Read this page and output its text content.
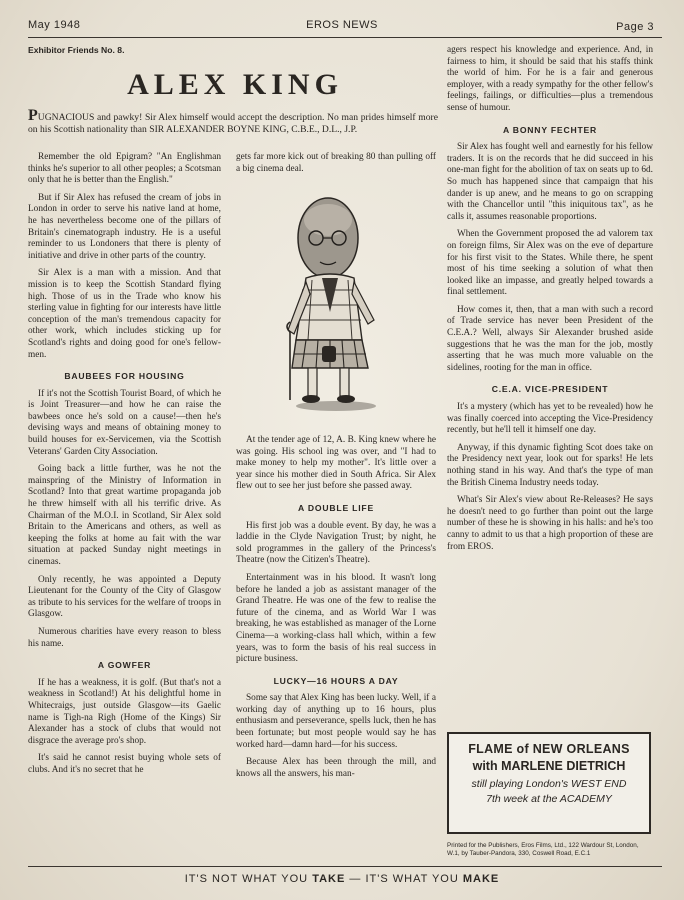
May 1948	EROS NEWS	Page 3
Exhibitor Friends No. 8.
ALEX KING
PUGNACIOUS and pawky! Sir Alex himself would accept the description. No man prides himself more on his Scottish nationality than SIR ALEXANDER BOYNE KING, C.B.E., D.L., J.P.

Remember the old Epigram? "An Englishman thinks he's superior to all other peoples; a Scotsman only that he is better than the English."

But if Sir Alex has refused the cream of jobs in London in order to serve his native land at home, he has nevertheless become one of the pillars of Britain's cinematograph industry. He is a useful reminder to us Londoners that there is plenty of initiative and drive in other parts of the country.

Sir Alex is a man with a mission. And that mission is to keep the Scottish Standard flying high. Those of us in the Trade who know his sterling value in fighting for our interests have little conception of the man's tremendous capacity for other work, which includes sticking up for Scotland's rights and doing good for one's fellow-men.

BAUBEES FOR HOUSING

If it's not the Scottish Tourist Board, of which he is Joint Treasurer—and how he can raise the bawbees once he's sold on a cause!—then he's devising ways and means of obtaining money to build houses for ex-Servicemen, via the Scottish Veterans' Garden City Association.

Going back a little further, was he not the mainspring of the Ministry of Information in Scotland? Into that great wartime propaganda job he threw himself with all his terrific drive. As Chairman of the M.O.I. in Scotland, Sir Alex sold Britain to the Americans and others, as well as keeping the folks at home au fait with the war situation at packed Sunday night meetings in cinemas.

Only recently, he was appointed a Deputy Lieutenant for the County of the City of Glasgow as tribute to his services for the welfare of troops in Glasgow.

Numerous charities have every reason to bless his name.

A GOWFER

If he has a weakness, it is golf. (But that's not a weakness in Scotland!) At his delightful home in Whitecraigs, just outside Glasgow—its Gaelic name is Tigh-na Righ (Home of the Kings) Sir Alexander has a stock of clubs that would not disgrace the average pro's shop.

It's said he cannot resist buying whole sets of clubs. And it's no secret that he

gets far more kick out of breaking 80 than pulling off a big cinema deal.

At the tender age of 12, A. B. King knew where he was going. His school ing was over, and "I had to make money to help my mother". It's little over a year since his mother died in South Africa. Sir Alex flew out to see her just before she passed away.

A DOUBLE LIFE

His first job was a double event. By day, he was a laddie in the Clyde Navigation Trust; by night, he sold programmes in the gallery of the Princess's Theatre (now the Citizen's Theatre).

Entertainment was in his blood. It wasn't long before he landed a job as assistant manager of the Grand Theatre. He was one of the few to realise the future of the cinema, and as World War I was breaking, he was established as manager of the Lorne Cinema—a working-class hall which, within a few years, was to form the basis of his real success in picture business.

LUCKY—16 HOURS A DAY

Some say that Alex King has been lucky. Well, if a working day of anything up to 16 hours, plus enthusiasm and perseverance, spells luck, then he has been fortunate; but most people would say he has worked hard—damn hard—for his success.

Because Alex has been through the mill, and knows all the answers, his man-

agers respect his knowledge and experience. And, in fairness to him, it should be said that his staffs think the world of him. For he is a fair and generous employer, with a ready sympathy for the other fellow's feelings, failings, or difficulties—plus a tremendous sense of humour.

A BONNY FECHTER

Sir Alex has fought well and earnestly for his fellow traders. It is on the records that he did succeed in his one-man fight for the abolition of tax on seats up to 6d. So much has happened since that campaign that his dander is up anew, and he means to go on scrapping with the Chancellor until "this iniquitous tax", as he calls it, assumes reasonable proportions.

When the Government proposed the ad valorem tax on foreign films, Sir Alex was on the eve of departure for his first visit to the States. While there, he spent most of his time seeking a solution of what then looked like an impasse, and greatly helped towards a final settlement.

How comes it, then, that a man with such a record of Trade service has never been President of the C.E.A.? Well, always Sir Alexander brushed aside suggestions that he was the man for the job, mostly asserting that he was much more valuable on the sidelines, rooting for the man in office.

C.E.A. VICE-PRESIDENT

It's a mystery (which has yet to be revealed) how he was finally coerced into accepting the Vice-Presidency recently, but he'll tell it himself one day.

Anyway, if this dynamic fighting Scot does take on the Presidency next year, look out for sparks! He lets nothing stand in his way. And that's the type of man the British Cinema Industry needs today.

What's Sir Alex's view about Re-Releases? He says he doesn't need to go further than point out the large number of these he is showing in his halls: and he's too canny to admit to us that a high proportion of these are from EROS.

FLAME of NEW ORLEANS
with MARLENE DIETRICH
still playing London's WEST END
7th week at the ACADEMY
Printed for the Publishers, Eros Films, Ltd., 122 Wardour St, London, W.1, by Tauber-Pandora, 330, Coswell Road, E.C.1
IT'S NOT WHAT YOU TAKE — IT'S WHAT YOU MAKE
